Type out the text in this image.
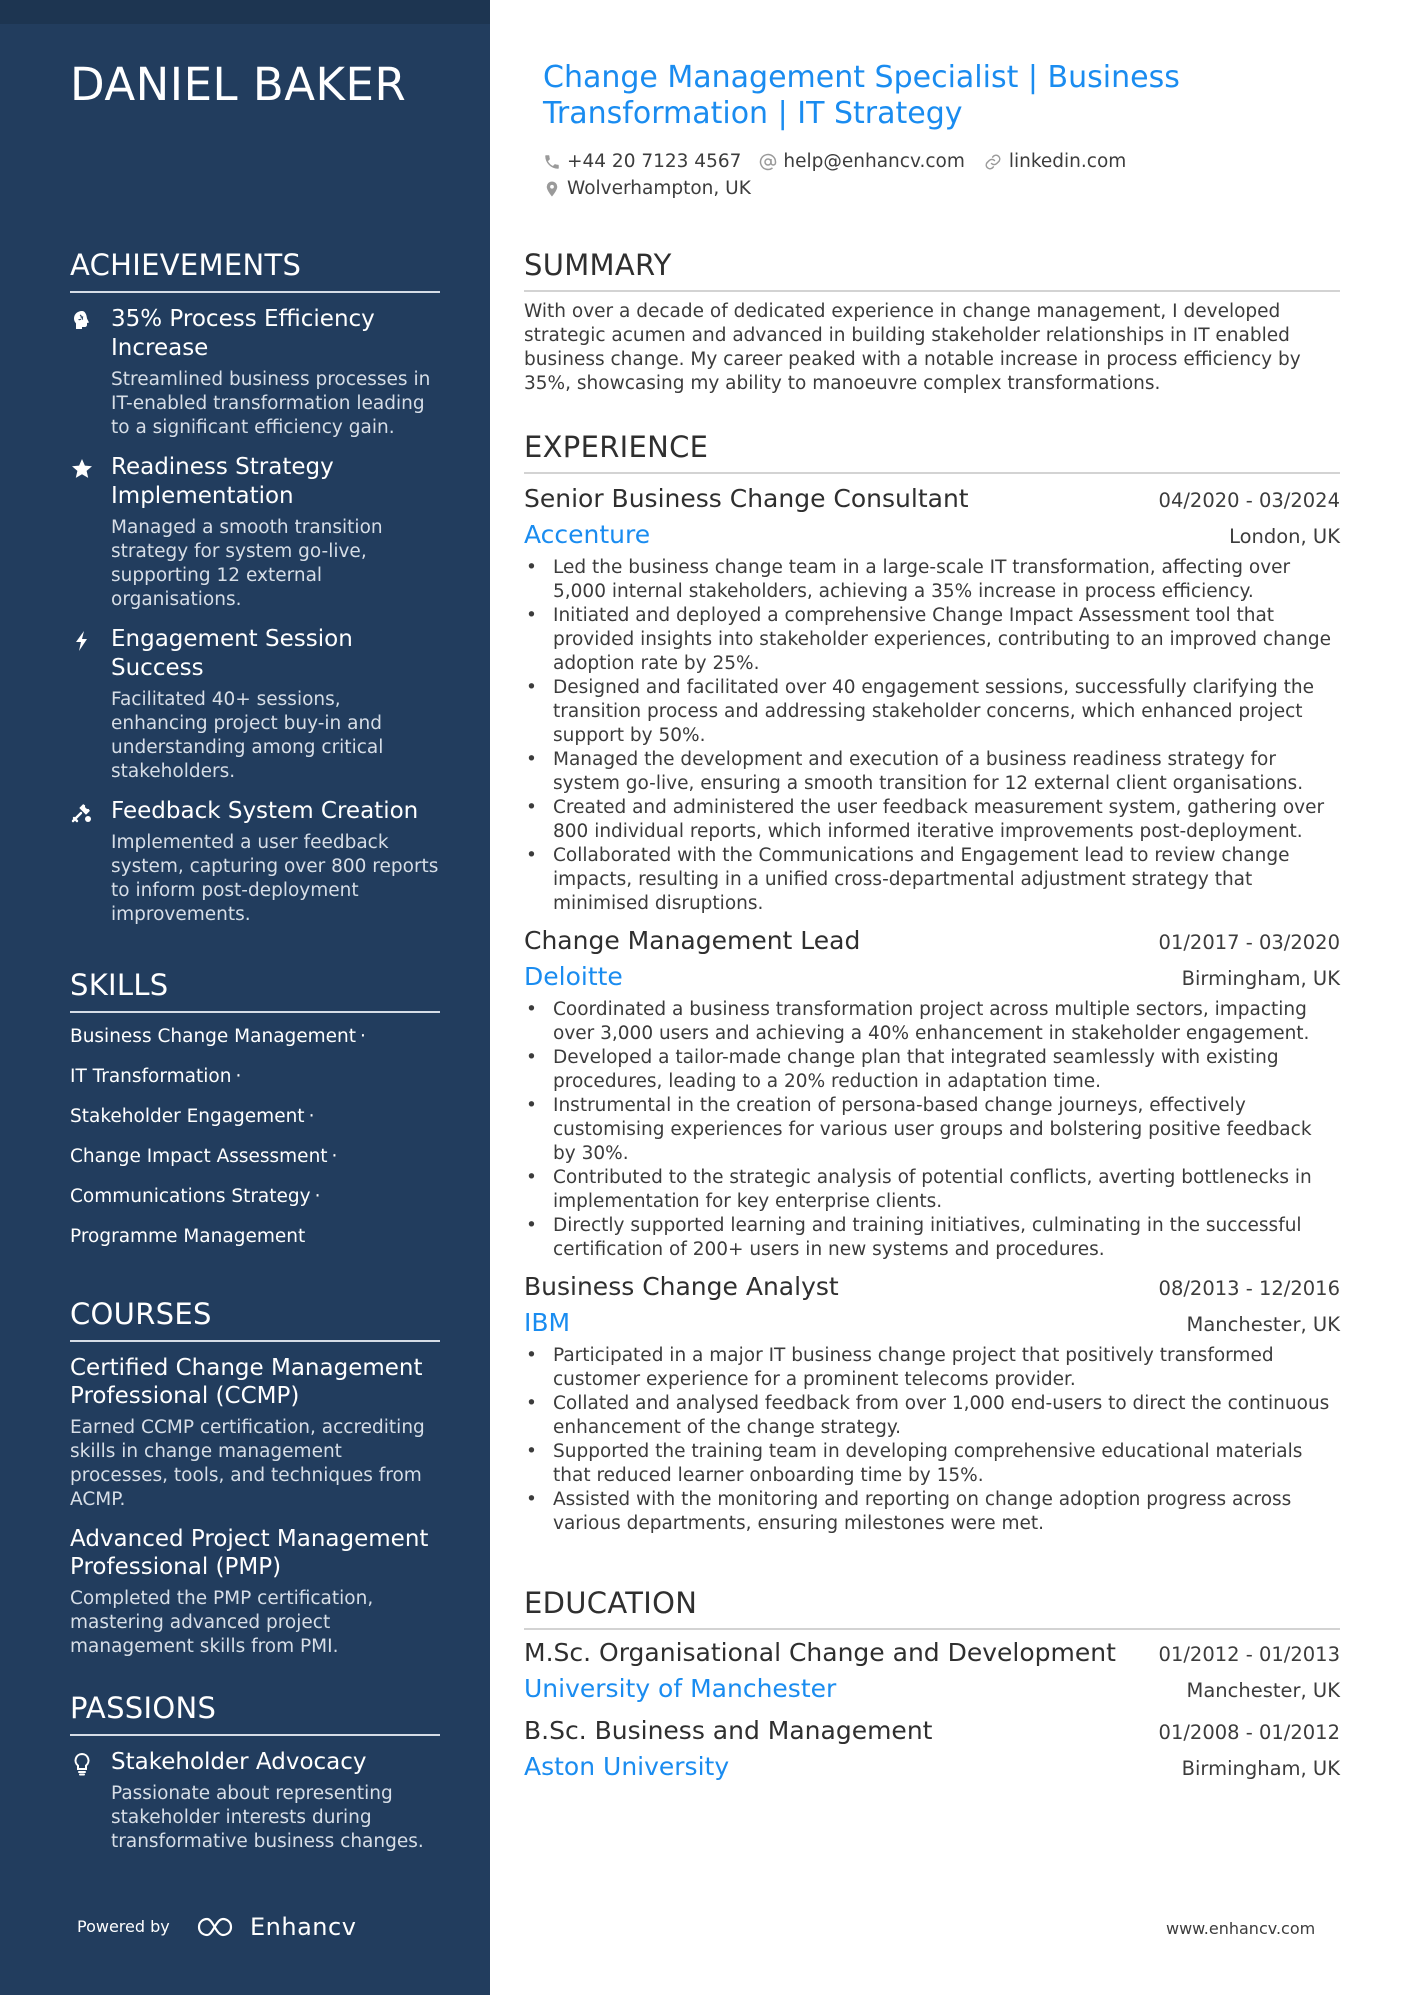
DANIEL BAKER
ACHIEVEMENTS
35% Process Efficiency Increase
Streamlined business processes in IT-enabled transformation leading to a significant efficiency gain.
Readiness Strategy Implementation
Managed a smooth transition strategy for system go-live, supporting 12 external organisations.
Engagement Session Success
Facilitated 40+ sessions, enhancing project buy-in and understanding among critical stakeholders.
Feedback System Creation
Implemented a user feedback system, capturing over 800 reports to inform post-deployment improvements.
SKILLS
Business Change Management ·
IT Transformation ·
Stakeholder Engagement ·
Change Impact Assessment ·
Communications Strategy ·
Programme Management
COURSES
Certified Change Management Professional (CCMP)
Earned CCMP certification, accrediting skills in change management processes, tools, and techniques from ACMP.
Advanced Project Management Professional (PMP)
Completed the PMP certification, mastering advanced project management skills from PMI.
PASSIONS
Stakeholder Advocacy
Passionate about representing stakeholder interests during transformative business changes.
Powered by	Enhancv
Change Management Specialist | Business Transformation | IT Strategy
+44 20 7123 4567 help@enhancv.com linkedin.com
Wolverhampton, UK
SUMMARY
With over a decade of dedicated experience in change management, I developed strategic acumen and advanced in building stakeholder relationships in IT enabled business change. My career peaked with a notable increase in process efficiency by 35%, showcasing my ability to manoeuvre complex transformations.
EXPERIENCE
Senior Business Change Consultant	04/2020 - 03/2024
Accenture	London, UK
• Led the business change team in a large-scale IT transformation, affecting over 5,000 internal stakeholders, achieving a 35% increase in process efficiency.
• Initiated and deployed a comprehensive Change Impact Assessment tool that provided insights into stakeholder experiences, contributing to an improved change adoption rate by 25%.
• Designed and facilitated over 40 engagement sessions, successfully clarifying the transition process and addressing stakeholder concerns, which enhanced project support by 50%.
• Managed the development and execution of a business readiness strategy for system go-live, ensuring a smooth transition for 12 external client organisations.
• Created and administered the user feedback measurement system, gathering over 800 individual reports, which informed iterative improvements post-deployment.
• Collaborated with the Communications and Engagement lead to review change impacts, resulting in a unified cross-departmental adjustment strategy that minimised disruptions.
Change Management Lead	01/2017 - 03/2020
Deloitte	Birmingham, UK
• Coordinated a business transformation project across multiple sectors, impacting over 3,000 users and achieving a 40% enhancement in stakeholder engagement.
• Developed a tailor-made change plan that integrated seamlessly with existing procedures, leading to a 20% reduction in adaptation time.
• Instrumental in the creation of persona-based change journeys, effectively customising experiences for various user groups and bolstering positive feedback by 30%.
• Contributed to the strategic analysis of potential conflicts, averting bottlenecks in implementation for key enterprise clients.
• Directly supported learning and training initiatives, culminating in the successful certification of 200+ users in new systems and procedures.
Business Change Analyst	08/2013 - 12/2016
IBM	Manchester, UK
• Participated in a major IT business change project that positively transformed customer experience for a prominent telecoms provider.
• Collated and analysed feedback from over 1,000 end-users to direct the continuous enhancement of the change strategy.
• Supported the training team in developing comprehensive educational materials that reduced learner onboarding time by 15%.
• Assisted with the monitoring and reporting on change adoption progress across various departments, ensuring milestones were met.
EDUCATION
M.Sc. Organisational Change and Development 01/2012 - 01/2013
University of Manchester	Manchester, UK
B.Sc. Business and Management	01/2008 - 01/2012
Aston University	Birmingham, UK
www.enhancv.com
